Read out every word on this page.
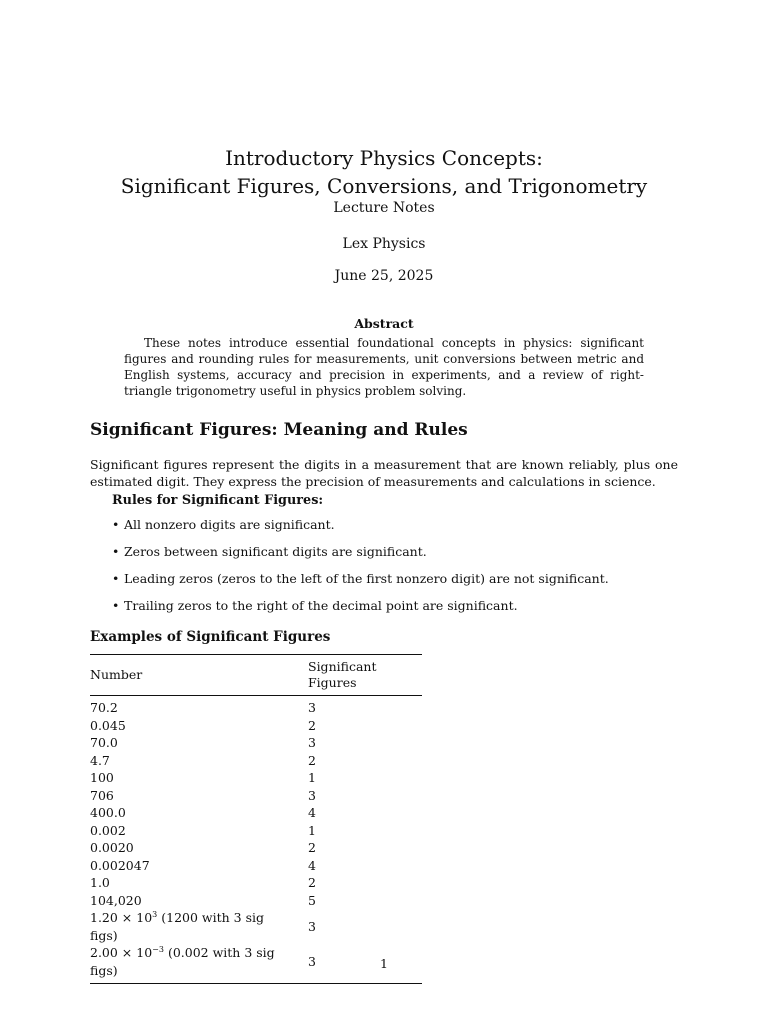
Introductory Physics Concepts:
Significant Figures, Conversions, and Trigonometry
Lecture Notes
Lex Physics
June 25, 2025
Abstract

These notes introduce essential foundational concepts in physics: significant figures and rounding rules for measurements, unit conversions between metric and English systems, accuracy and precision in experiments, and a review of right-triangle trigonometry useful in physics problem solving.

Significant Figures: Meaning and Rules

Significant figures represent the digits in a measurement that are known reliably, plus one estimated digit. They express the precision of measurements and calculations in science.

Rules for Significant Figures:
• All nonzero digits are significant.
• Zeros between significant digits are significant.
• Leading zeros (zeros to the left of the first nonzero digit) are not significant.
• Trailing zeros to the right of the decimal point are significant.
Examples of Significant Figures
Number	Significant Figures
70.2	3
0.045	2
70.0	3
4.7	2
100	1
706	3
400.0	4
0.002	1
0.0020	2
0.002047	4
1.0	2
104,020	5
$1.20 \times 10^3$ (1200 with 3 sig figs)	3
$2.00 \times 10^{-3}$ (0.002 with 3 sig figs)	3	1
